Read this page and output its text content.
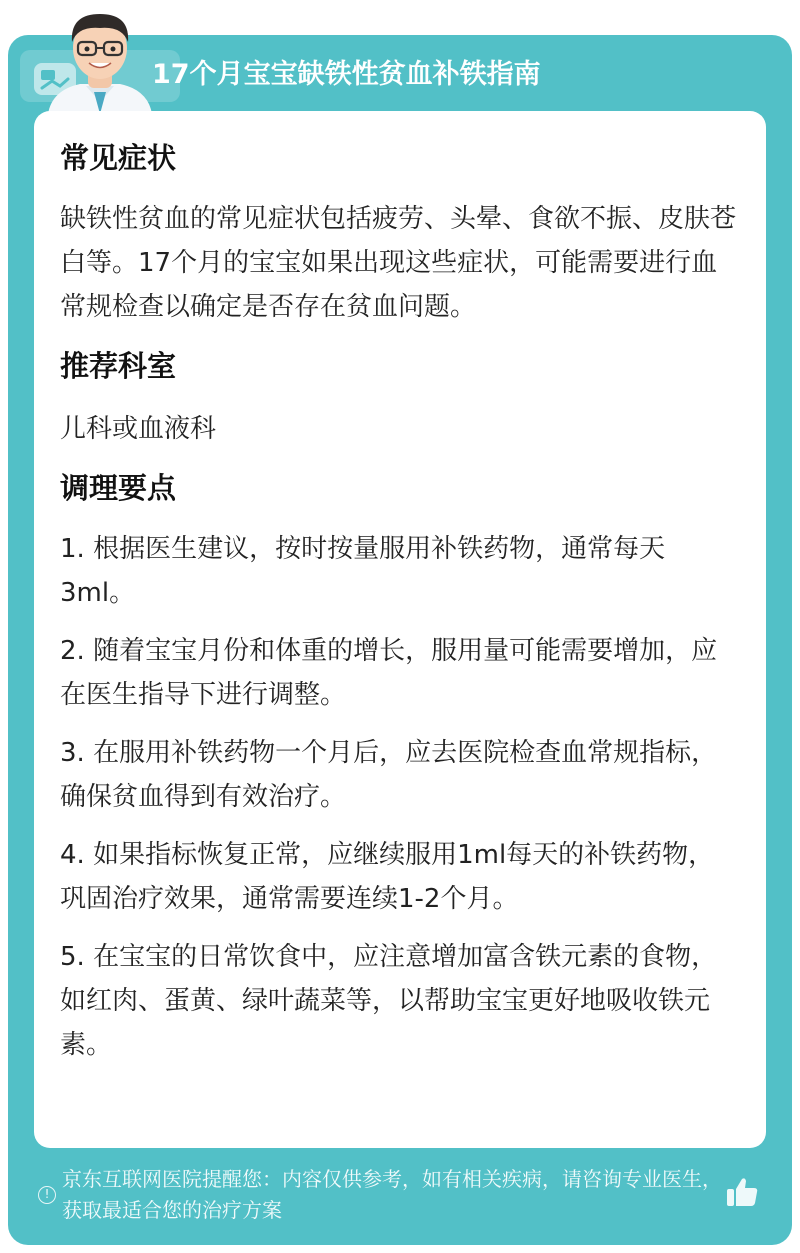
17个月宝宝缺铁性贫血补铁指南
常见症状
缺铁性贫血的常见症状包括疲劳、头晕、食欲不振、皮肤苍白等。17个月的宝宝如果出现这些症状，可能需要进行血常规检查以确定是否存在贫血问题。
推荐科室
儿科或血液科
调理要点
1. 根据医生建议，按时按量服用补铁药物，通常每天3ml。
2. 随着宝宝月份和体重的增长，服用量可能需要增加，应在医生指导下进行调整。
3. 在服用补铁药物一个月后，应去医院检查血常规指标，确保贫血得到有效治疗。
4. 如果指标恢复正常，应继续服用1ml每天的补铁药物，巩固治疗效果，通常需要连续1-2个月。
5. 在宝宝的日常饮食中，应注意增加富含铁元素的食物，如红肉、蛋黄、绿叶蔬菜等，以帮助宝宝更好地吸收铁元素。
!
京东互联网医院提醒您：内容仅供参考，如有相关疾病，请咨询专业医生，获取最适合您的治疗方案
